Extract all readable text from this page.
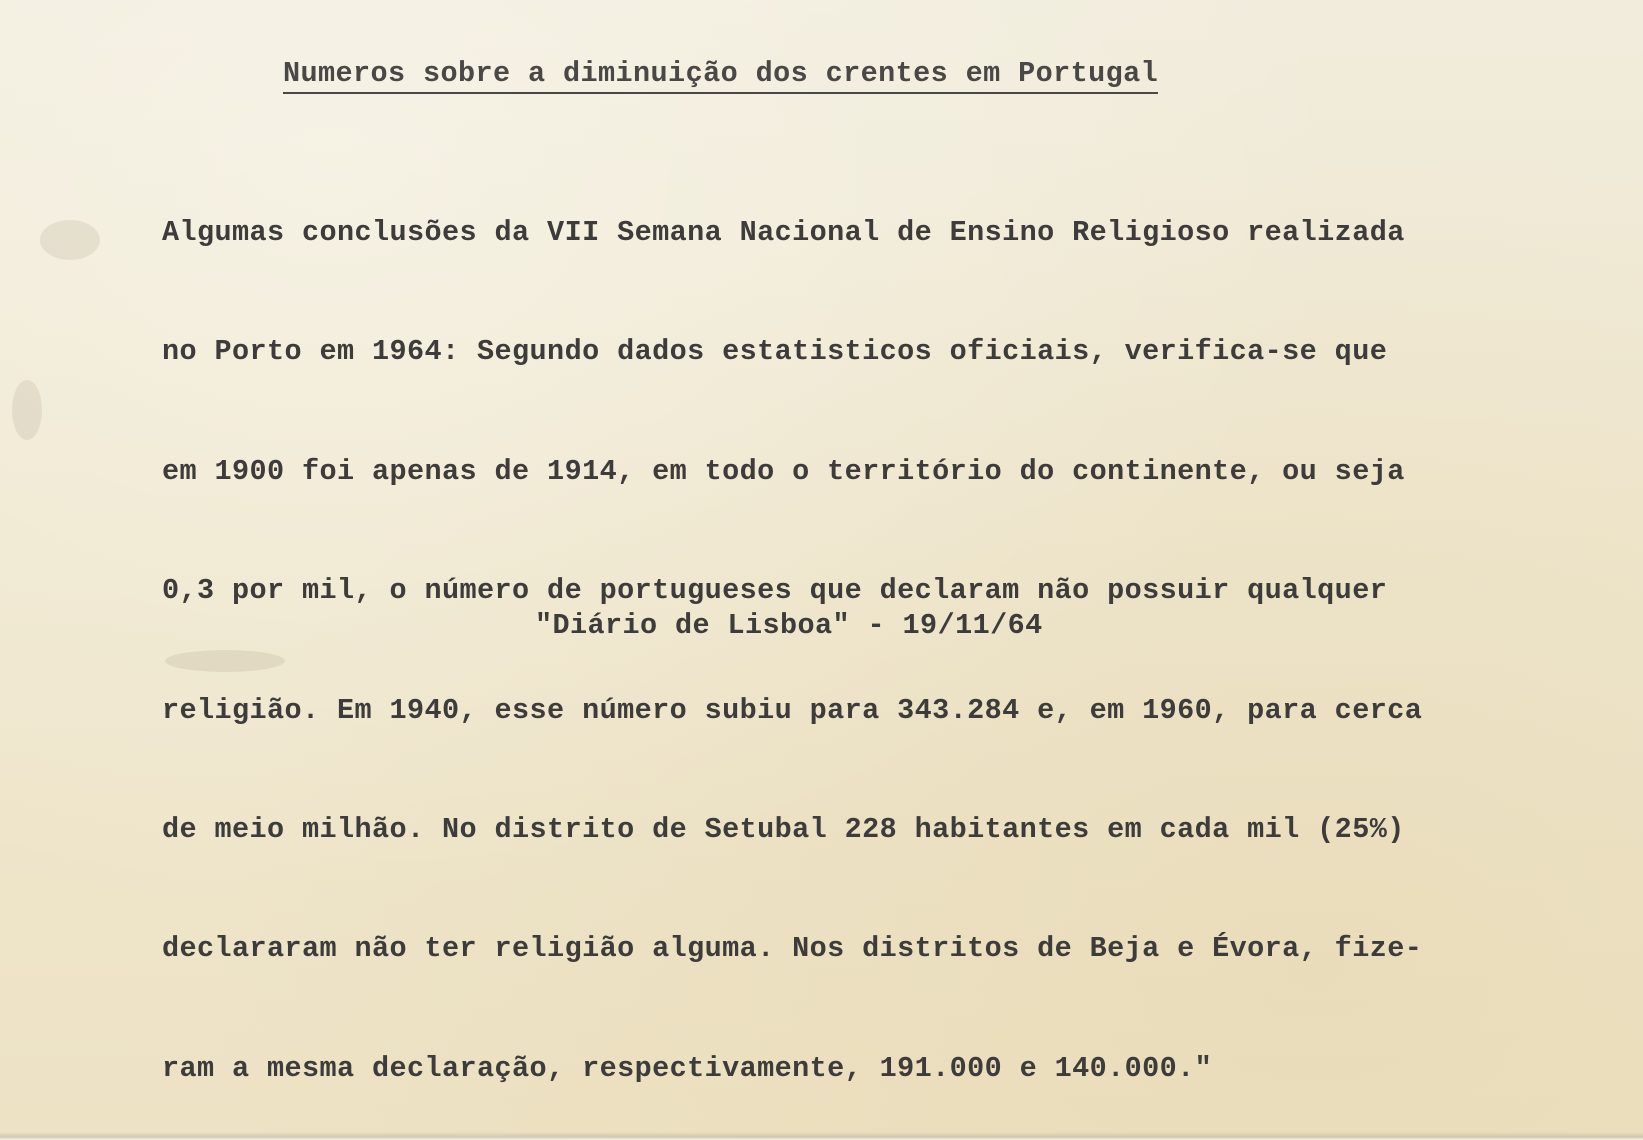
Numeros sobre a diminuição dos crentes em Portugal

Algumas conclusões da VII Semana Nacional de Ensino Religioso realizada

no Porto em 1964: Segundo dados estatisticos oficiais, verifica-se que

em 1900 foi apenas de 1914, em todo o território do continente, ou seja

0,3 por mil, o número de portugueses que declaram não possuir qualquer

religião. Em 1940, esse número subiu para 343.284 e, em 1960, para cerca

de meio milhão. No distrito de Setubal 228 habitantes em cada mil (25%)

declararam não ter religião alguma. Nos distritos de Beja e Évora, fize-

ram a mesma declaração, respectivamente, 191.000 e 140.000."

"Diário de Lisboa" - 19/11/64
